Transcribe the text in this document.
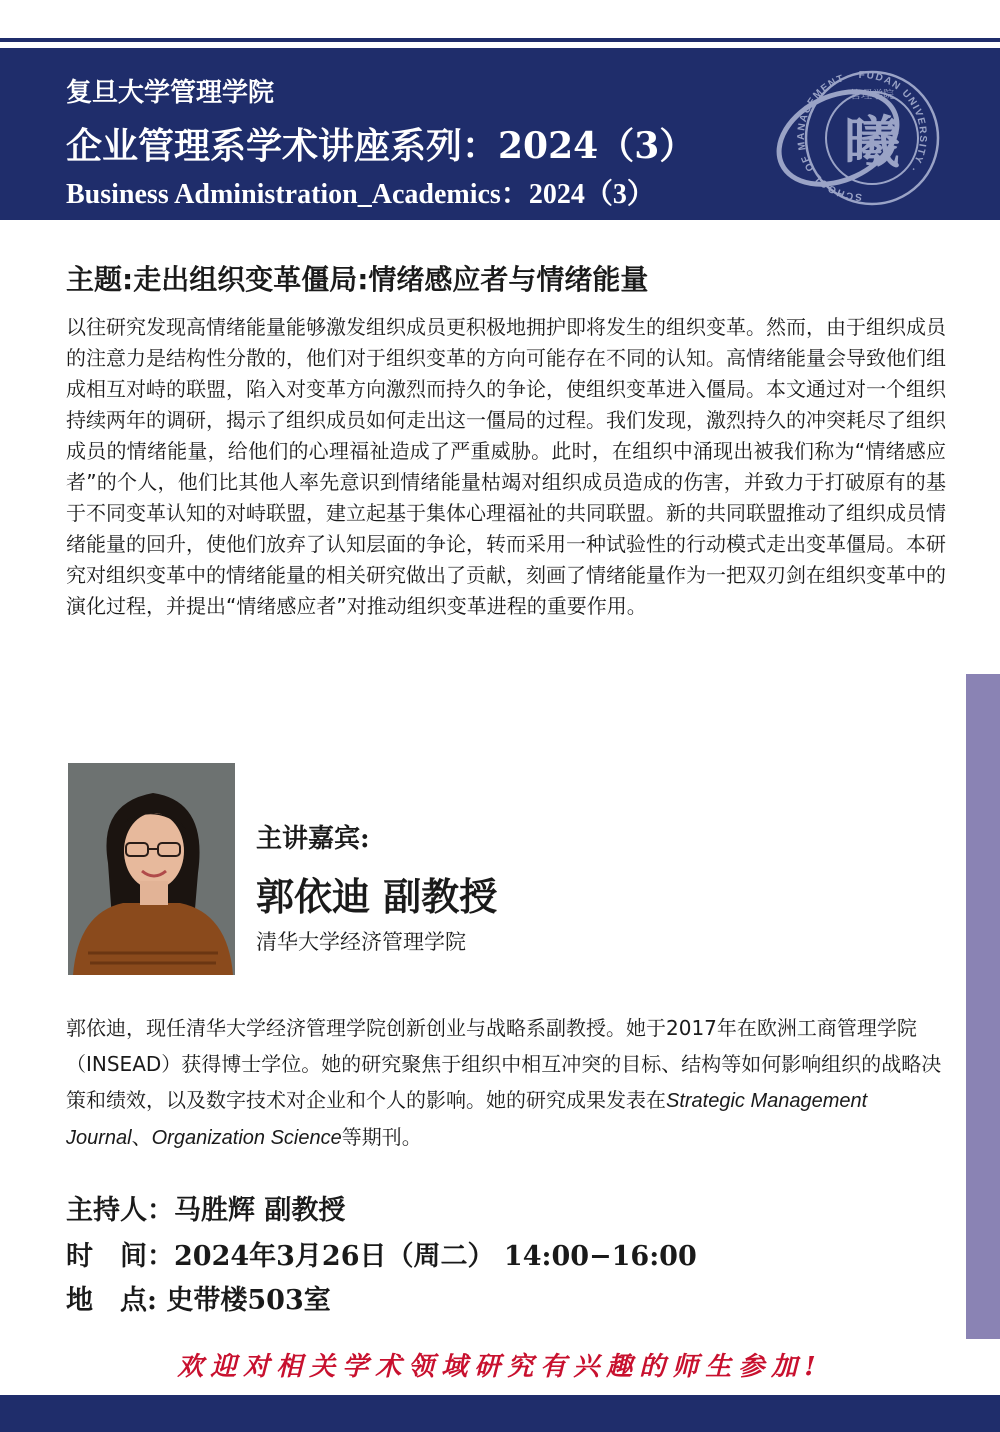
复旦大学管理学院
企业管理系学术讲座系列：2024（3）
Business Administration_Academics：2024（3）	SCHOOL OF MANAGEMENT · FUDAN UNIVERSITY ·
管理学院
曦
主题:走出组织变革僵局:情绪感应者与情绪能量

以往研究发现高情绪能量能够激发组织成员更积极地拥护即将发生的组织变革。然而，由于组织成员的注意力是结构性分散的，他们对于组织变革的方向可能存在不同的认知。高情绪能量会导致他们组成相互对峙的联盟，陷入对变革方向激烈而持久的争论，使组织变革进入僵局。本文通过对一个组织持续两年的调研，揭示了组织成员如何走出这一僵局的过程。我们发现，激烈持久的冲突耗尽了组织成员的情绪能量，给他们的心理福祉造成了严重威胁。此时，在组织中涌现出被我们称为“情绪感应者”的个人，他们比其他人率先意识到情绪能量枯竭对组织成员造成的伤害，并致力于打破原有的基于不同变革认知的对峙联盟，建立起基于集体心理福祉的共同联盟。新的共同联盟推动了组织成员情绪能量的回升，使他们放弃了认知层面的争论，转而采用一种试验性的行动模式走出变革僵局。本研究对组织变革中的情绪能量的相关研究做出了贡献，刻画了情绪能量作为一把双刃剑在组织变革中的演化过程，并提出“情绪感应者”对推动组织变革进程的重要作用。

主讲嘉宾:
郭依迪 副教授
清华大学经济管理学院

郭依迪，现任清华大学经济管理学院创新创业与战略系副教授。她于2017年在欧洲工商管理学院（INSEAD）获得博士学位。她的研究聚焦于组织中相互冲突的目标、结构等如何影响组织的战略决策和绩效，以及数字技术对企业和个人的影响。她的研究成果发表在Strategic Management Journal、Organization Science等期刊。

主持人：马胜辉 副教授
时　间：2024年3月26日（周二） 14:00−16:00
地　点: 史带楼503室
欢迎对相关学术领域研究有兴趣的师生参加!
